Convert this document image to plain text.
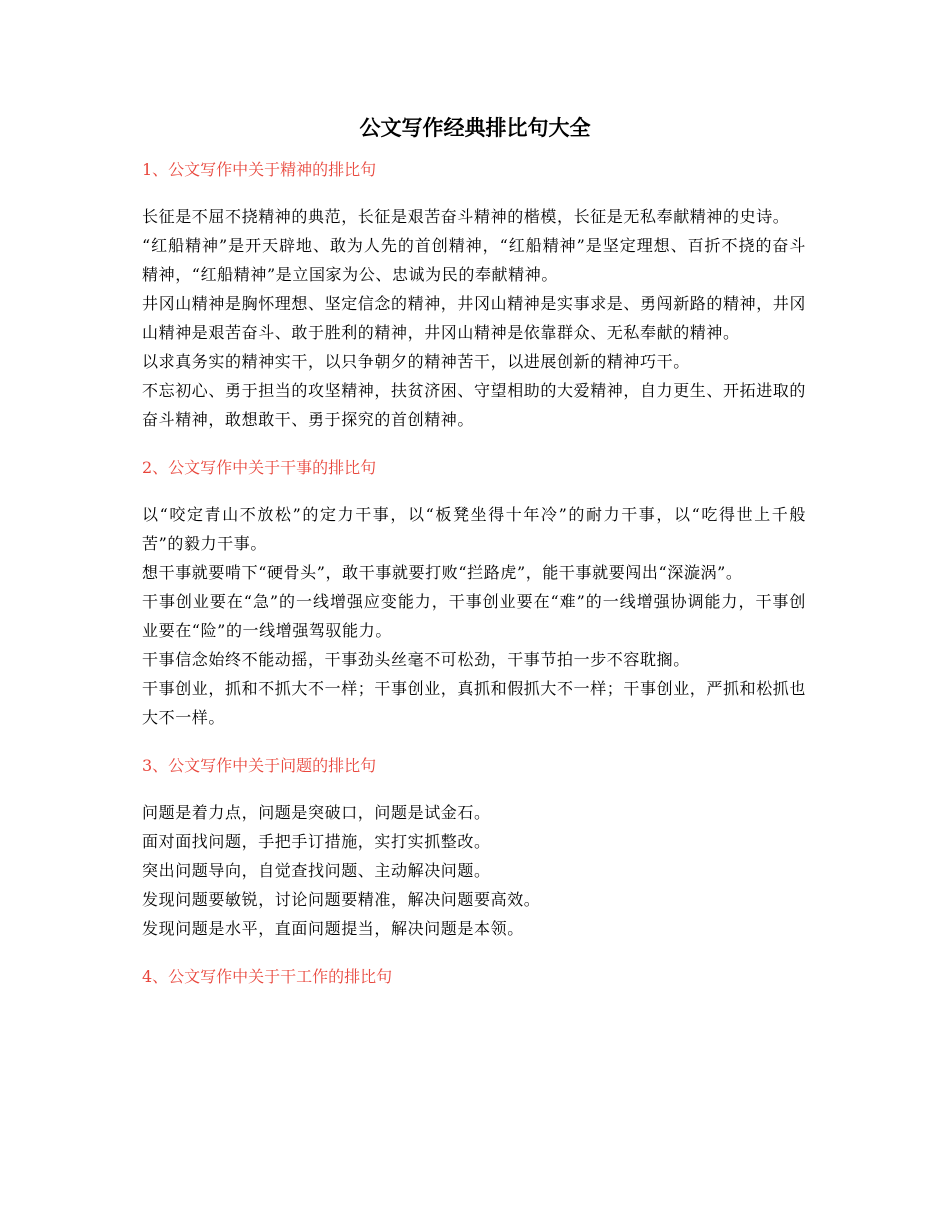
公文写作经典排比句大全
1、公文写作中关于精神的排比句

长征是不屈不挠精神的典范，长征是艰苦奋斗精神的楷模，长征是无私奉献精神的史诗。

“红船精神”是开天辟地、敢为人先的首创精神，“红船精神”是坚定理想、百折不挠的奋斗精神，“红船精神”是立国家为公、忠诚为民的奉献精神。

井冈山精神是胸怀理想、坚定信念的精神，井冈山精神是实事求是、勇闯新路的精神，井冈山精神是艰苦奋斗、敢于胜利的精神，井冈山精神是依靠群众、无私奉献的精神。

以求真务实的精神实干，以只争朝夕的精神苦干，以进展创新的精神巧干。

不忘初心、勇于担当的攻坚精神，扶贫济困、守望相助的大爱精神，自力更生、开拓进取的奋斗精神，敢想敢干、勇于探究的首创精神。

2、公文写作中关于干事的排比句

以“咬定青山不放松”的定力干事，以“板凳坐得十年冷”的耐力干事，以“吃得世上千般苦”的毅力干事。

想干事就要啃下“硬骨头”，敢干事就要打败“拦路虎”，能干事就要闯出“深漩涡”。

干事创业要在“急”的一线增强应变能力，干事创业要在“难”的一线增强协调能力，干事创业要在“险”的一线增强驾驭能力。

干事信念始终不能动摇，干事劲头丝毫不可松劲，干事节拍一步不容耽搁。

干事创业，抓和不抓大不一样；干事创业，真抓和假抓大不一样；干事创业，严抓和松抓也大不一样。

3、公文写作中关于问题的排比句

问题是着力点，问题是突破口，问题是试金石。

面对面找问题，手把手订措施，实打实抓整改。

突出问题导向，自觉查找问题、主动解决问题。

发现问题要敏锐，讨论问题要精准，解决问题要高效。

发现问题是水平，直面问题提当，解决问题是本领。

4、公文写作中关于干工作的排比句
